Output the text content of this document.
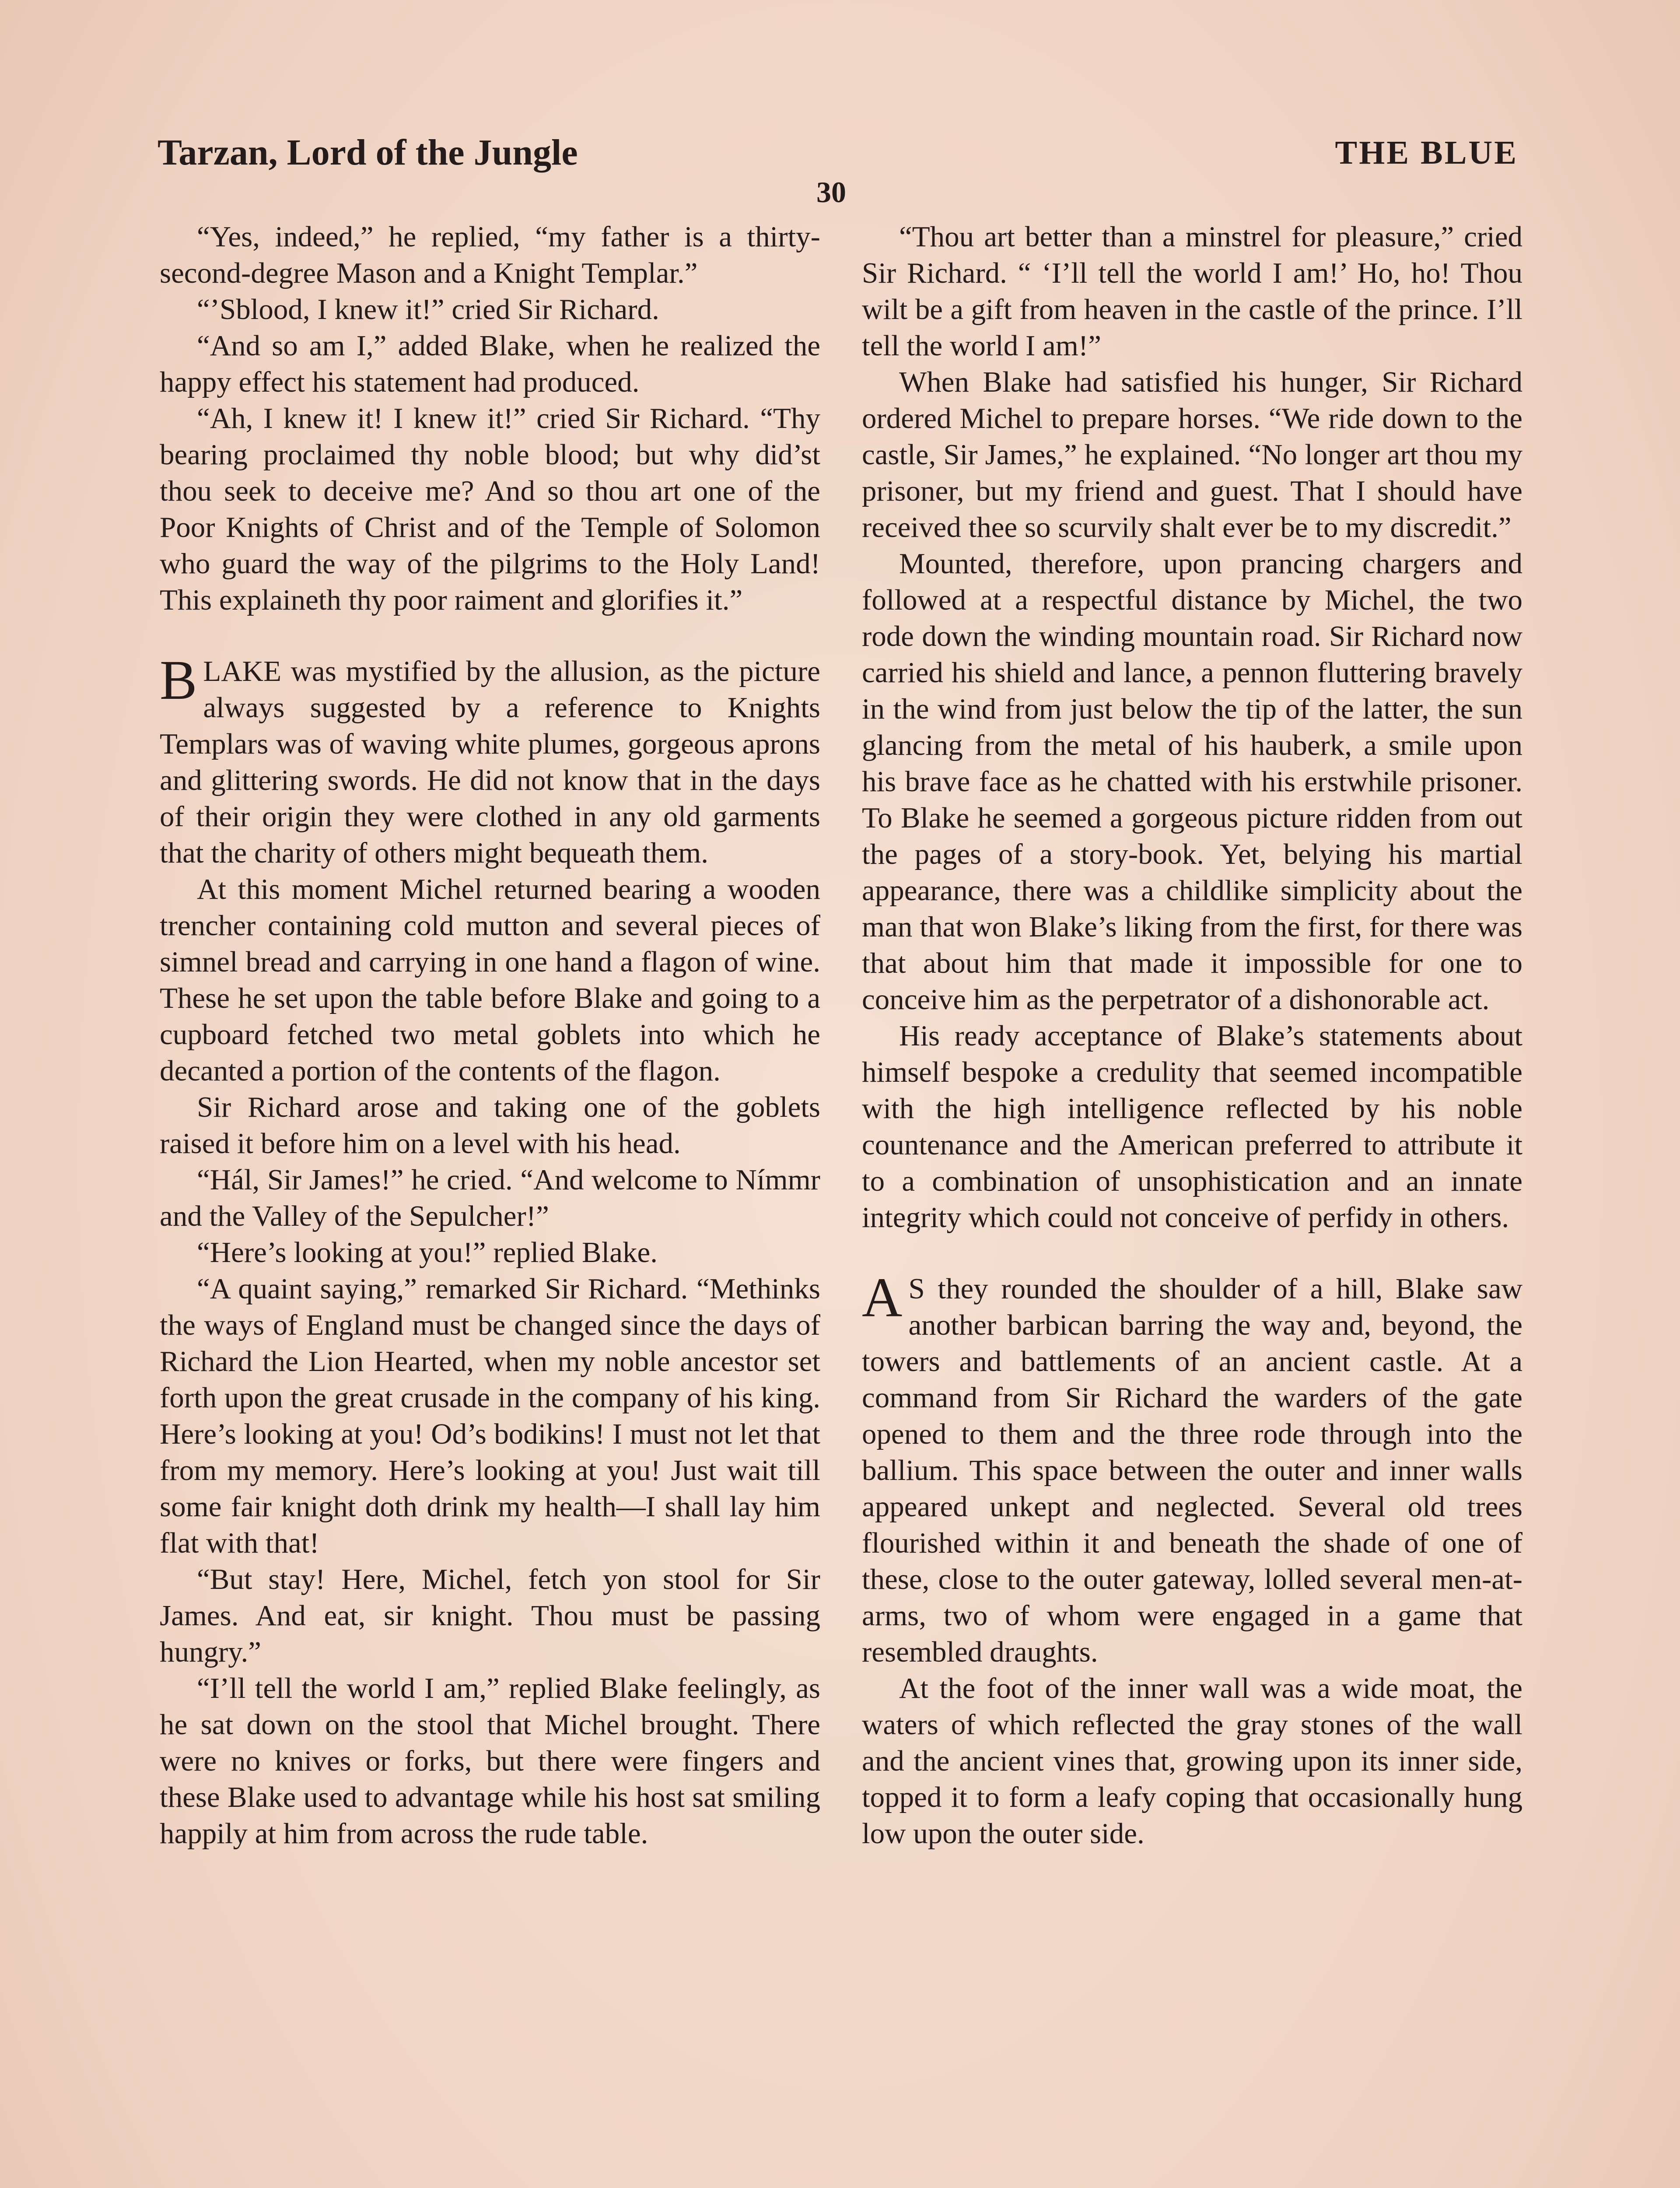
Tarzan, Lord of the Jungle	THE BLUE
30

“Yes, indeed,” he replied, “my father is a thirty-second-degree Mason and a Knight Templar.”

“’Sblood, I knew it!” cried Sir Richard.

“And so am I,” added Blake, when he realized the happy effect his statement had produced.

“Ah, I knew it! I knew it!” cried Sir Richard. “Thy bearing proclaimed thy noble blood; but why did’st thou seek to deceive me? And so thou art one of the Poor Knights of Christ and of the Temple of Solomon who guard the way of the pilgrims to the Holy Land! This explaineth thy poor raiment and glorifies it.”

BLAKE was mystified by the allusion, as the picture always suggested by a reference to Knights Templars was of waving white plumes, gorgeous aprons and glittering swords. He did not know that in the days of their origin they were clothed in any old garments that the charity of others might bequeath them.

At this moment Michel returned bearing a wooden trencher containing cold mutton and several pieces of simnel bread and carrying in one hand a flagon of wine. These he set upon the table before Blake and going to a cupboard fetched two metal goblets into which he decanted a portion of the contents of the flagon.

Sir Richard arose and taking one of the goblets raised it before him on a level with his head.

“Hál, Sir James!” he cried. “And welcome to Nímmr and the Valley of the Sepulcher!”

“Here’s looking at you!” replied Blake.

“A quaint saying,” remarked Sir Richard. “Methinks the ways of England must be changed since the days of Richard the Lion Hearted, when my noble ancestor set forth upon the great crusade in the company of his king. Here’s looking at you! Od’s bodikins! I must not let that from my memory. Here’s looking at you! Just wait till some fair knight doth drink my health—I shall lay him flat with that!

“But stay! Here, Michel, fetch yon stool for Sir James. And eat, sir knight. Thou must be passing hungry.”

“I’ll tell the world I am,” replied Blake feelingly, as he sat down on the stool that Michel brought. There were no knives or forks, but there were fingers and these Blake used to advantage while his host sat smiling happily at him from across the rude table.

“Thou art better than a minstrel for pleasure,” cried Sir Richard. “ ‘I’ll tell the world I am!’ Ho, ho! Thou wilt be a gift from heaven in the castle of the prince. I’ll tell the world I am!”

When Blake had satisfied his hunger, Sir Richard ordered Michel to prepare horses. “We ride down to the castle, Sir James,” he explained. “No longer art thou my prisoner, but my friend and guest. That I should have received thee so scurvily shalt ever be to my discredit.”

Mounted, therefore, upon prancing chargers and followed at a respectful distance by Michel, the two rode down the winding mountain road. Sir Richard now carried his shield and lance, a pennon fluttering bravely in the wind from just below the tip of the latter, the sun glancing from the metal of his hauberk, a smile upon his brave face as he chatted with his erstwhile prisoner. To Blake he seemed a gorgeous picture ridden from out the pages of a story-book. Yet, belying his martial appearance, there was a childlike simplicity about the man that won Blake’s liking from the first, for there was that about him that made it impossible for one to conceive him as the perpetrator of a dishonorable act.

His ready acceptance of Blake’s statements about himself bespoke a credulity that seemed incompatible with the high intelligence reflected by his noble countenance and the American preferred to attribute it to a combination of unsophistication and an innate integrity which could not conceive of perfidy in others.

A S they rounded the shoulder of a hill, Blake saw another barbican barring the way and, beyond, the towers and battlements of an ancient castle. At a command from Sir Richard the warders of the gate opened to them and the three rode through into the ballium. This space between the outer and inner walls appeared unkept and neglected. Several old trees flourished within it and beneath the shade of one of these, close to the outer gateway, lolled several men-at-arms, two of whom were engaged in a game that resembled draughts.

At the foot of the inner wall was a wide moat, the waters of which reflected the gray stones of the wall and the ancient vines that, growing upon its inner side, topped it to form a leafy coping that occasionally hung low upon the outer side.
